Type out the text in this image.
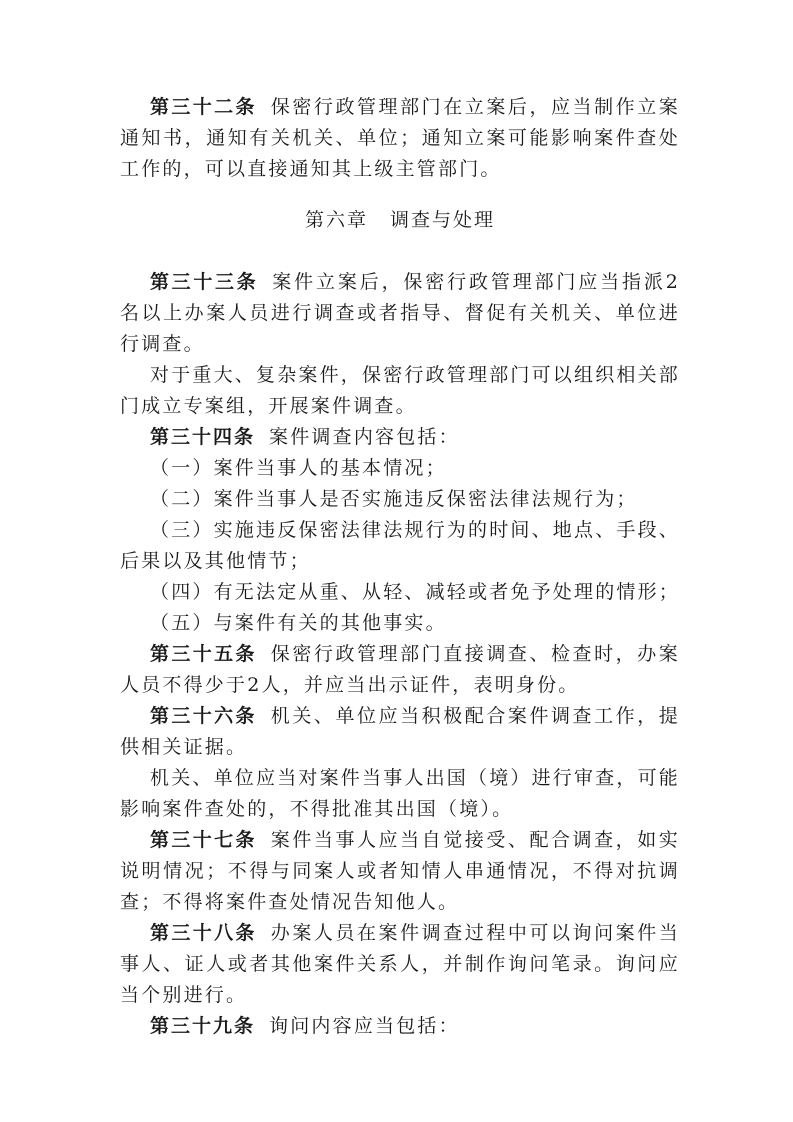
第三十二条 保密行政管理部门在立案后，应当制作立案通知书，通知有关机关、单位；通知立案可能影响案件查处工作的，可以直接通知其上级主管部门。

第六章 调查与处理

第三十三条 案件立案后，保密行政管理部门应当指派2名以上办案人员进行调查或者指导、督促有关机关、单位进行调查。

对于重大、复杂案件，保密行政管理部门可以组织相关部门成立专案组，开展案件调查。

第三十四条 案件调查内容包括：

（一）案件当事人的基本情况；

（二）案件当事人是否实施违反保密法律法规行为；

（三）实施违反保密法律法规行为的时间、地点、手段、后果以及其他情节；

（四）有无法定从重、从轻、减轻或者免予处理的情形；

（五）与案件有关的其他事实。

第三十五条 保密行政管理部门直接调查、检查时，办案人员不得少于2人，并应当出示证件，表明身份。

第三十六条 机关、单位应当积极配合案件调查工作，提供相关证据。

机关、单位应当对案件当事人出国（境）进行审查，可能影响案件查处的，不得批准其出国（境）。

第三十七条 案件当事人应当自觉接受、配合调查，如实说明情况；不得与同案人或者知情人串通情况，不得对抗调查；不得将案件查处情况告知他人。

第三十八条 办案人员在案件调查过程中可以询问案件当事人、证人或者其他案件关系人，并制作询问笔录。询问应当个别进行。

第三十九条 询问内容应当包括：
